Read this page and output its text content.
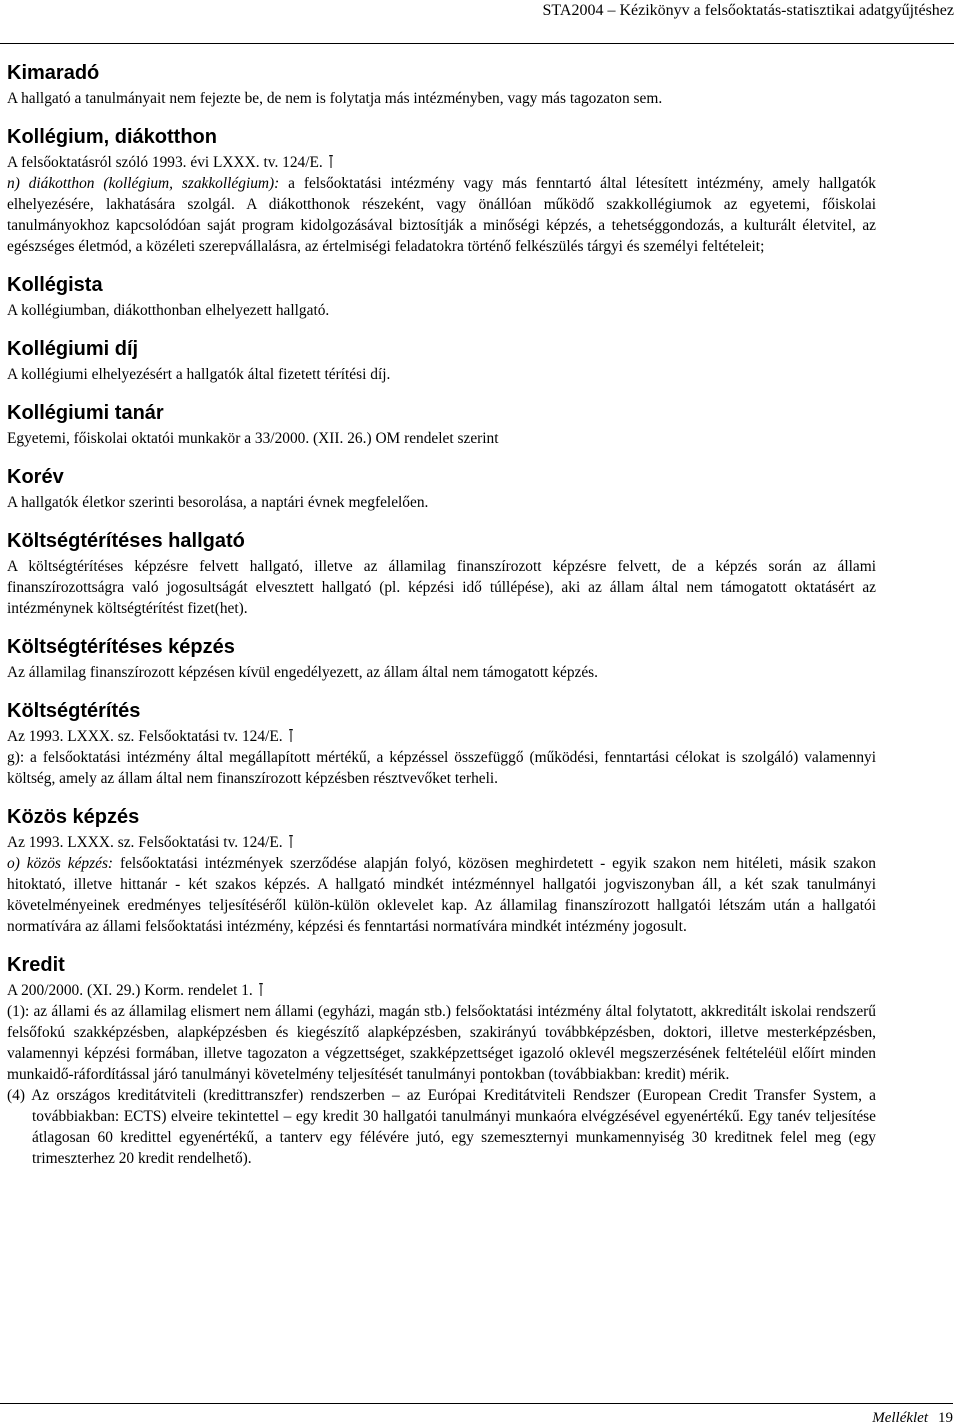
STA2004 – Kézikönyv a felsőoktatás-statisztikai adatgyűjtéshez
Kimaradó

A hallgató a tanulmányait nem fejezte be, de nem is folytatja más intézményben, vagy más tagozaton sem.

Kollégium, diákotthon

A felsőoktatásról szóló 1993. évi LXXX. tv. 124/E.

n) diákotthon (kollégium, szakkollégium): a felsőoktatási intézmény vagy más fenntartó által létesített intézmény, amely hallgatók elhelyezésére, lakhatására szolgál. A diákotthonok részeként, vagy önállóan működő szakkollégiumok az egyetemi, főiskolai tanulmányokhoz kapcsolódóan saját program kidolgozásával biztosítják a minőségi képzés, a tehetséggondozás, a kulturált életvitel, az egészséges életmód, a közéleti szerepvállalásra, az értelmiségi feladatokra történő felkészülés tárgyi és személyi feltételeit;

Kollégista

A kollégiumban, diákotthonban elhelyezett hallgató.

Kollégiumi díj

A kollégiumi elhelyezésért a hallgatók által fizetett térítési díj.

Kollégiumi tanár

Egyetemi, főiskolai oktatói munkakör a 33/2000. (XII. 26.) OM rendelet szerint

Korév

A hallgatók életkor szerinti besorolása, a naptári évnek megfelelően.

Költségtérítéses hallgató

A költségtérítéses képzésre felvett hallgató, illetve az államilag finanszírozott képzésre felvett, de a képzés során az állami finanszírozottságra való jogosultságát elvesztett hallgató (pl. képzési idő túllépése), aki az állam által nem támogatott oktatásért az intézménynek költségtérítést fizet(het).

Költségtérítéses képzés

Az államilag finanszírozott képzésen kívül engedélyezett, az állam által nem támogatott képzés.

Költségtérítés

Az 1993. LXXX. sz. Felsőoktatási tv. 124/E.

g): a felsőoktatási intézmény által megállapított mértékű, a képzéssel összefüggő (működési, fenntartási célokat is szolgáló) valamennyi költség, amely az állam által nem finanszírozott képzésben résztvevőket terheli.

Közös képzés

Az 1993. LXXX. sz. Felsőoktatási tv. 124/E.

o) közös képzés: felsőoktatási intézmények szerződése alapján folyó, közösen meghirdetett - egyik szakon nem hitéleti, másik szakon hitoktató, illetve hittanár - két szakos képzés. A hallgató mindkét intézménnyel hallgatói jogviszonyban áll, a két szak tanulmányi követelményeinek eredményes teljesítéséről külön-külön oklevelet kap. Az államilag finanszírozott hallgatói létszám után a hallgatói normatívára az állami felsőoktatási intézmény, képzési és fenntartási normatívára mindkét intézmény jogosult.

Kredit

A 200/2000. (XI. 29.) Korm. rendelet 1.

(1): az állami és az államilag elismert nem állami (egyházi, magán stb.) felsőoktatási intézmény által folytatott, akkreditált iskolai rendszerű felsőfokú szakképzésben, alapképzésben és kiegészítő alapképzésben, szakirányú továbbképzésben, doktori, illetve mesterképzésben, valamennyi képzési formában, illetve tagozaton a végzettséget, szakképzettséget igazoló oklevél megszerzésének feltételéül előírt minden munkaidő-ráfordítással járó tanulmányi követelmény teljesítését tanulmányi pontokban (továbbiakban: kredit) mérik.

(4) Az országos kreditátviteli (kredittranszfer) rendszerben – az Európai Kreditátviteli Rendszer (European Credit Transfer System, a továbbiakban: ECTS) elveire tekintettel – egy kredit 30 hallgatói tanulmányi munkaóra elvégzésével egyenértékű. Egy tanév teljesítése átlagosan 60 kredittel egyenértékű, a tanterv egy félévére jutó, egy szemeszternyi munkamennyiség 30 kreditnek felel meg (egy trimeszterhez 20 kredit rendelhető).

Melléklet 19
